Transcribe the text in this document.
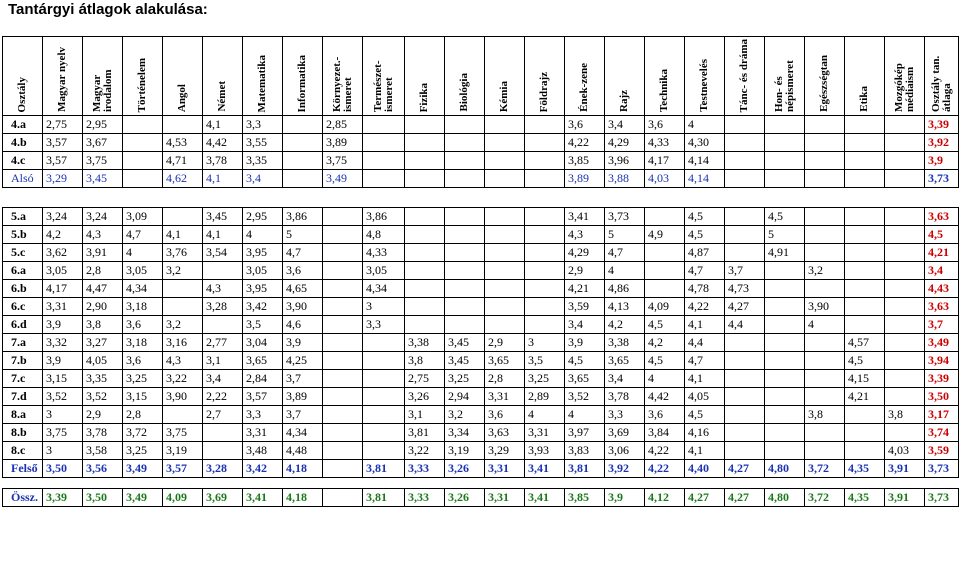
Tantárgyi átlagok alakulása:
Osztály	Magyar nyelv	Magyar irodalom	Történelem	Angol	Német	Matematika	Informatika	Környezet.-ismeret	Természet-ismeret	Fizika	Biológia	Kémia	Földrajz	Ének-zene	Rajz	Technika	Testnevelés	Tánc- és dráma	Hon- és népismeret	Egészségtan	Etika	Mozgókép médiaism	Osztály tan. átlaga

4.a	2,75	2,95			4,1	3,3		2,85						3,6	3,4	3,6	4						3,39
4.b	3,57	3,67		4,53	4,42	3,55		3,89						4,22	4,29	4,33	4,30						3,92
4.c	3,57	3,75		4,71	3,78	3,35		3,75						3,85	3,96	4,17	4,14						3,9
Alsó	3,29	3,45		4,62	4,1	3,4		3,49						3,89	3,88	4,03	4,14						3,73

5.a	3,24	3,24	3,09		3,45	2,95	3,86		3,86					3,41	3,73		4,5		4,5				3,63
5.b	4,2	4,3	4,7	4,1	4,1	4	5		4,8					4,3	5	4,9	4,5		5				4,5
5.c	3,62	3,91	4	3,76	3,54	3,95	4,7		4,33					4,29	4,7		4,87		4,91				4,21
6.a	3,05	2,8	3,05	3,2		3,05	3,6		3,05					2,9	4		4,7	3,7		3,2			3,4
6.b	4,17	4,47	4,34		4,3	3,95	4,65		4,34					4,21	4,86		4,78	4,73					4,43
6.c	3,31	2,90	3,18		3,28	3,42	3,90		3					3,59	4,13	4,09	4,22	4,27		3,90			3,63
6.d	3,9	3,8	3,6	3,2		3,5	4,6		3,3					3,4	4,2	4,5	4,1	4,4		4			3,7
7.a	3,32	3,27	3,18	3,16	2,77	3,04	3,9			3,38	3,45	2,9	3	3,9	3,38	4,2	4,4				4,57		3,49
7.b	3,9	4,05	3,6	4,3	3,1	3,65	4,25			3,8	3,45	3,65	3,5	4,5	3,65	4,5	4,7				4,5		3,94
7.c	3,15	3,35	3,25	3,22	3,4	2,84	3,7			2,75	3,25	2,8	3,25	3,65	3,4	4	4,1				4,15		3,39
7.d	3,52	3,52	3,15	3,90	2,22	3,57	3,89			3,26	2,94	3,31	2,89	3,52	3,78	4,42	4,05				4,21		3,50
8.a	3	2,9	2,8		2,7	3,3	3,7			3,1	3,2	3,6	4	4	3,3	3,6	4,5			3,8		3,8	3,17
8.b	3,75	3,78	3,72	3,75		3,31	4,34			3,81	3,34	3,63	3,31	3,97	3,69	3,84	4,16						3,74
8.c	3	3,58	3,25	3,19		3,48	4,48			3,22	3,19	3,29	3,93	3,83	3,06	4,22	4,1					4,03	3,59
Felső	3,50	3,56	3,49	3,57	3,28	3,42	4,18		3,81	3,33	3,26	3,31	3,41	3,81	3,92	4,22	4,40	4,27	4,80	3,72	4,35	3,91	3,73

Össz.	3,39	3,50	3,49	4,09	3,69	3,41	4,18		3,81	3,33	3,26	3,31	3,41	3,85	3,9	4,12	4,27	4,27	4,80	3,72	4,35	3,91	3,73
